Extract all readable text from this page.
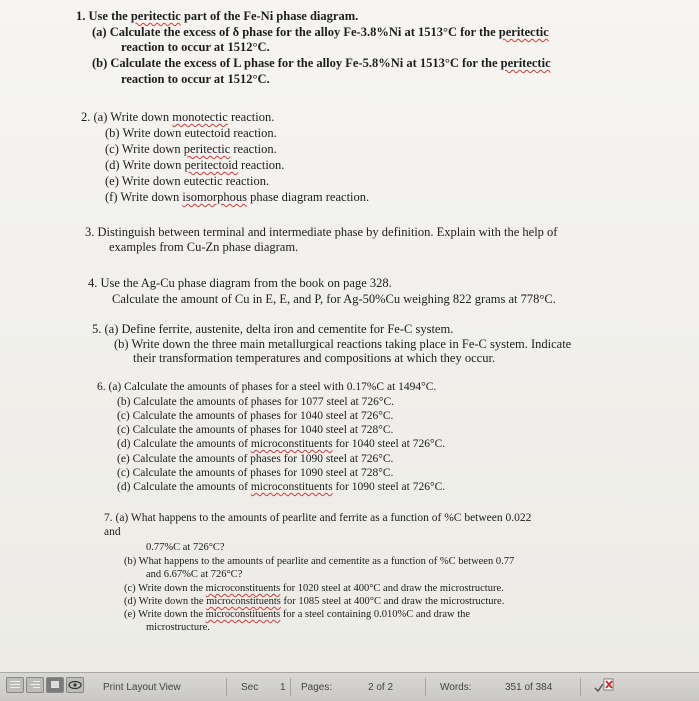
1. Use the peritectic part of the Fe-Ni phase diagram.
(a) Calculate the excess of δ phase for the alloy Fe-3.8%Ni at 1513°C for the peritectic
reaction to occur at 1512°C.
(b) Calculate the excess of L phase for the alloy Fe-5.8%Ni at 1513°C for the peritectic
reaction to occur at 1512°C.
2. (a) Write down monotectic reaction.
(b) Write down eutectoid reaction.
(c) Write down peritectic reaction.
(d) Write down peritectoid reaction.
(e) Write down eutectic reaction.
(f) Write down isomorphous phase diagram reaction.
3. Distinguish between terminal and intermediate phase by definition. Explain with the help of
examples from Cu-Zn phase diagram.
4. Use the Ag-Cu phase diagram from the book on page 328.
Calculate the amount of Cu in E, E, and P, for Ag-50%Cu weighing 822 grams at 778°C.
5. (a) Define ferrite, austenite, delta iron and cementite for Fe-C system.
(b) Write down the three main metallurgical reactions taking place in Fe-C system. Indicate
their transformation temperatures and compositions at which they occur.
6. (a) Calculate the amounts of phases for a steel with 0.17%C at 1494°C.
(b) Calculate the amounts of phases for 1077 steel at 726°C.
(c) Calculate the amounts of phases for 1040 steel at 726°C.
(c) Calculate the amounts of phases for 1040 steel at 728°C.
(d) Calculate the amounts of microconstituents for 1040 steel at 726°C.
(e) Calculate the amounts of phases for 1090 steel at 726°C.
(c) Calculate the amounts of phases for 1090 steel at 728°C.
(d) Calculate the amounts of microconstituents for 1090 steel at 726°C.
7. (a) What happens to the amounts of pearlite and ferrite as a function of %C between 0.022
and
0.77%C at 726°C?
(b) What happens to the amounts of pearlite and cementite as a function of %C between 0.77
and 6.67%C at 726°C?
(c) Write down the microconstituents for 1020 steel at 400°C and draw the microstructure.
(d) Write down the microconstituents for 1085 steel at 400°C and draw the microstructure.
(e) Write down the microconstituents for a steel containing 0.010%C and draw the
microstructure.
Print Layout View	Sec 1 Pages:	2 of 2	Words:	351 of 384
